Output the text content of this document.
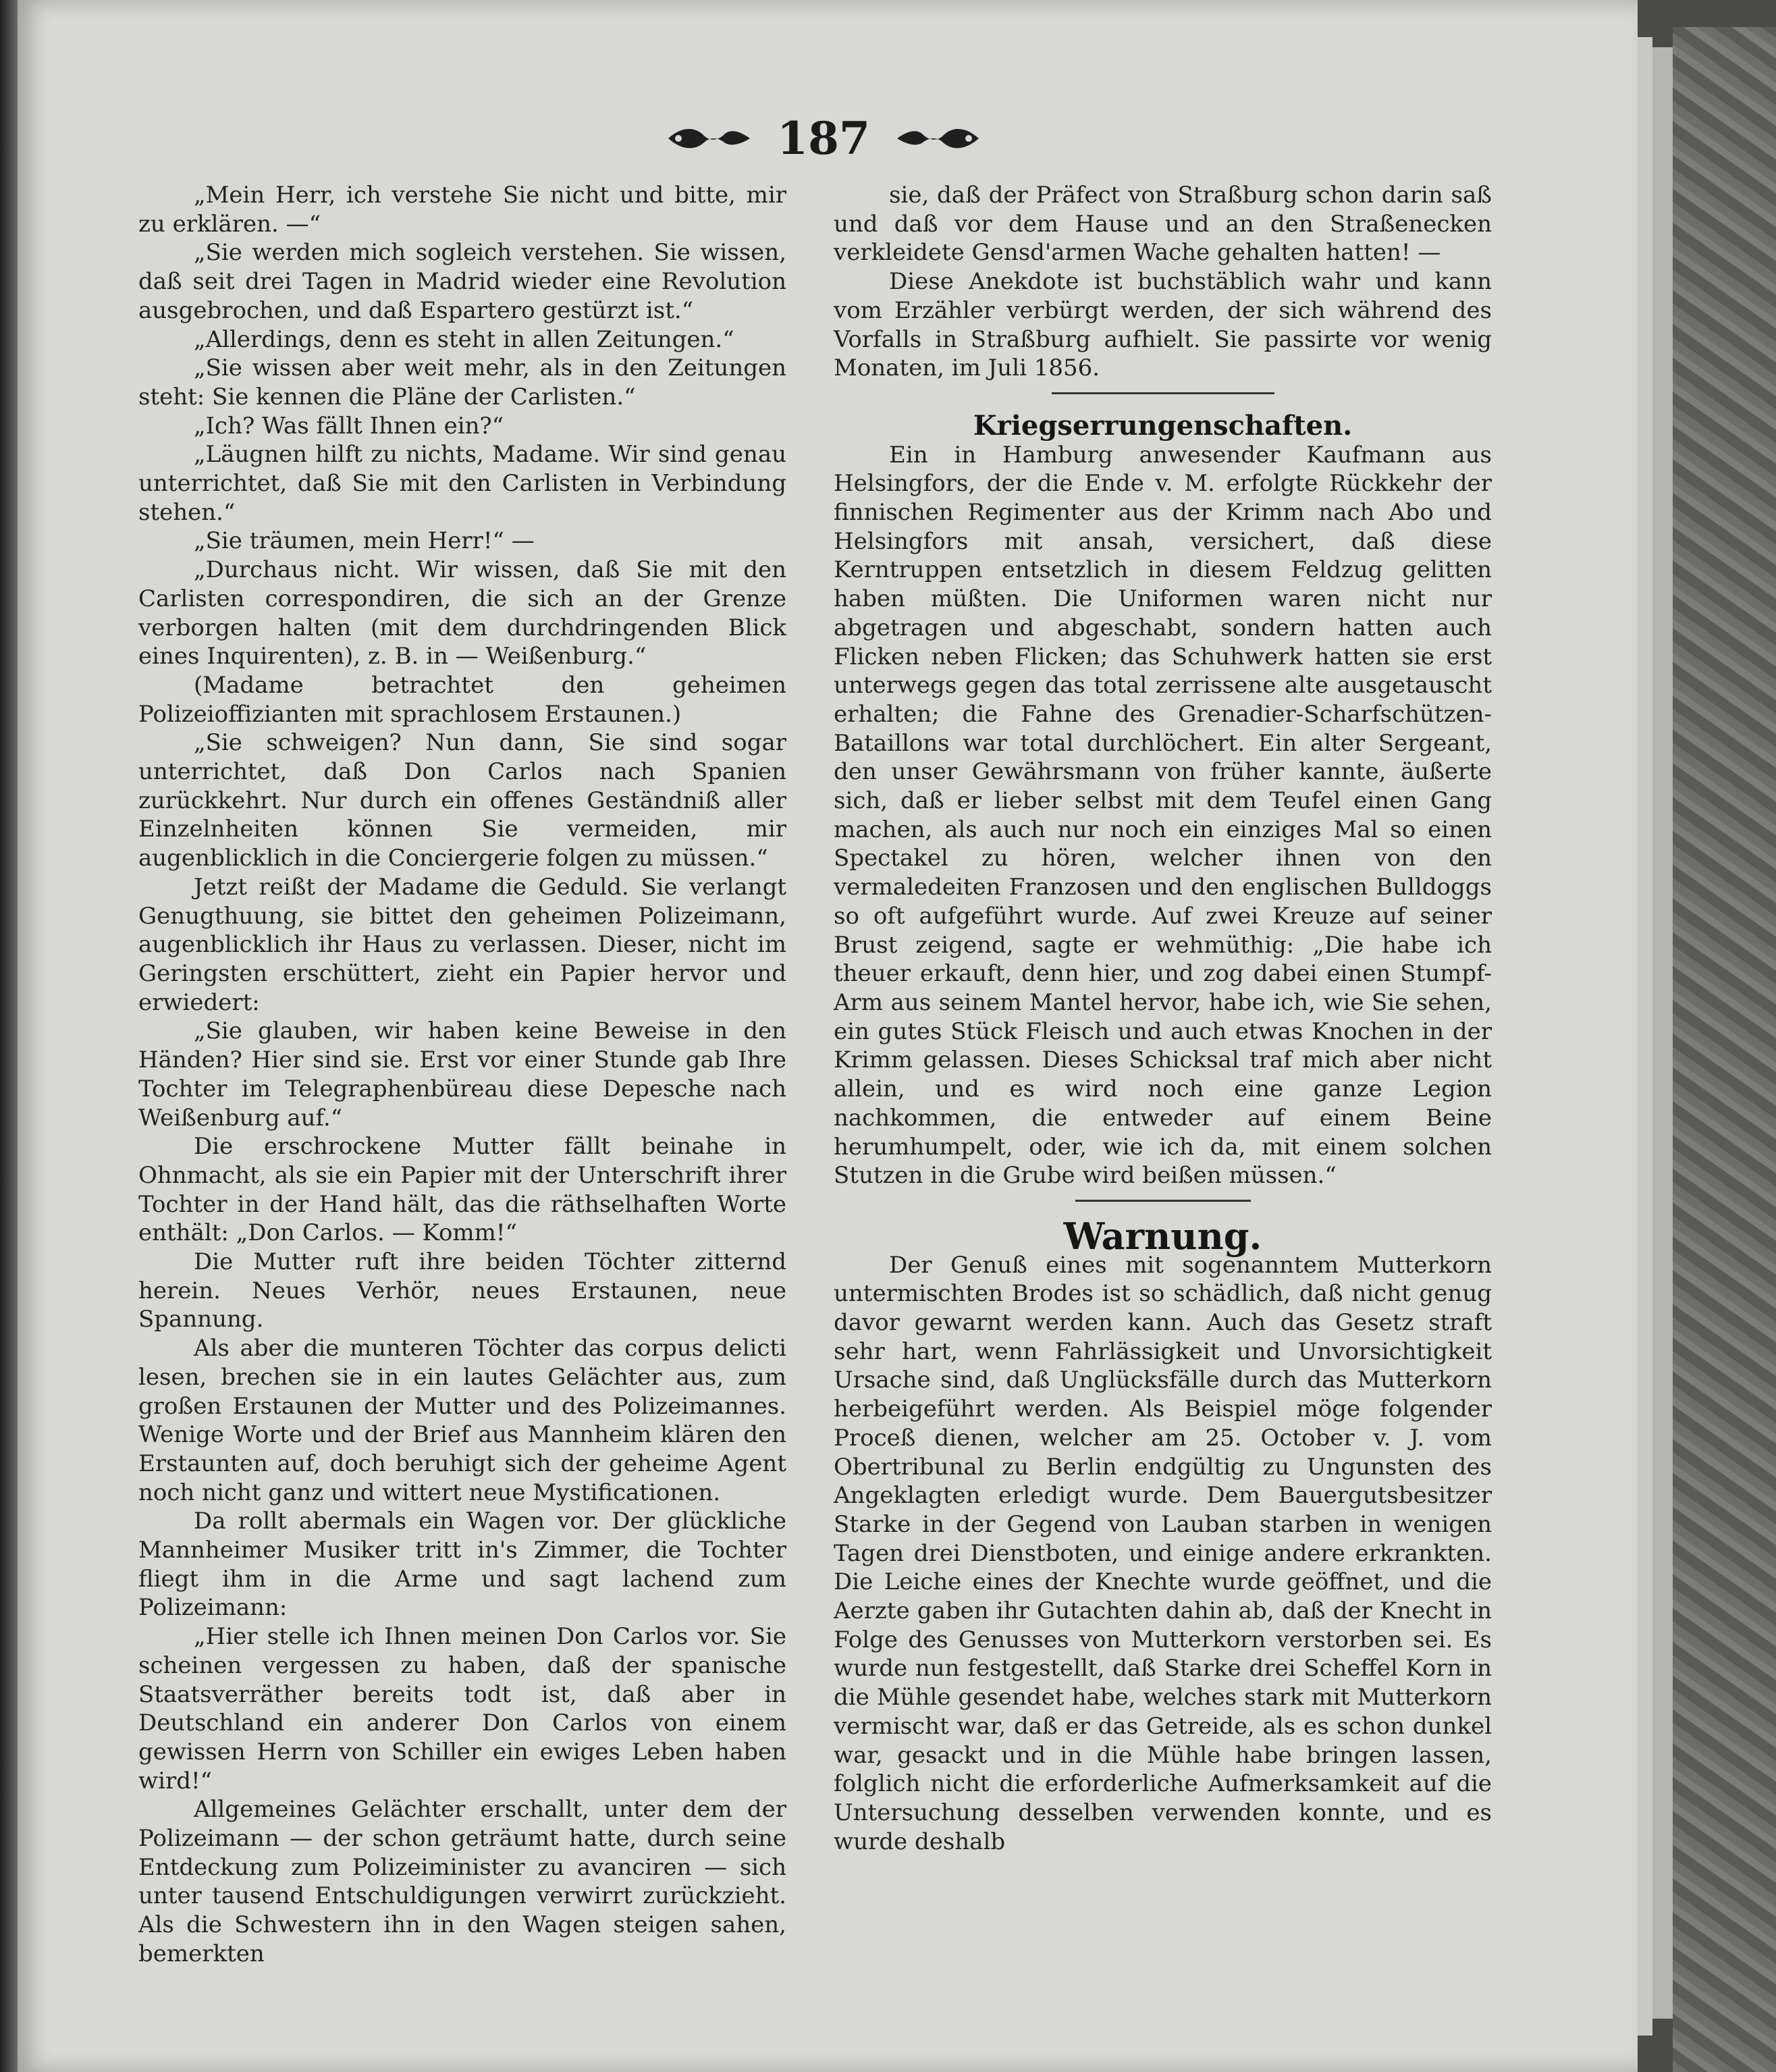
187

„Mein Herr, ich verstehe Sie nicht und bitte, mir zu erklären. —“

„Sie werden mich sogleich verstehen. Sie wissen, daß seit drei Tagen in Madrid wieder eine Revolution ausgebrochen, und daß Espartero gestürzt ist.“

„Allerdings, denn es steht in allen Zeitungen.“

„Sie wissen aber weit mehr, als in den Zeitungen steht: Sie kennen die Pläne der Carlisten.“

„Ich? Was fällt Ihnen ein?“

„Läugnen hilft zu nichts, Madame. Wir sind genau unterrichtet, daß Sie mit den Carlisten in Verbindung stehen.“

„Sie träumen, mein Herr!“ —

„Durchaus nicht. Wir wissen, daß Sie mit den Carlisten correspondiren, die sich an der Grenze verborgen halten (mit dem durchdringenden Blick eines Inquirenten), z. B. in — Weißenburg.“

(Madame betrachtet den geheimen Polizeioffizianten mit sprachlosem Erstaunen.)

„Sie schweigen? Nun dann, Sie sind sogar unterrichtet, daß Don Carlos nach Spanien zurückkehrt. Nur durch ein offenes Geständniß aller Einzelnheiten können Sie vermeiden, mir augenblicklich in die Conciergerie folgen zu müssen.“

Jetzt reißt der Madame die Geduld. Sie verlangt Genugthuung, sie bittet den geheimen Polizeimann, augenblicklich ihr Haus zu verlassen. Dieser, nicht im Geringsten erschüttert, zieht ein Papier hervor und erwiedert:

„Sie glauben, wir haben keine Beweise in den Händen? Hier sind sie. Erst vor einer Stunde gab Ihre Tochter im Telegraphenbüreau diese Depesche nach Weißenburg auf.“

Die erschrockene Mutter fällt beinahe in Ohnmacht, als sie ein Papier mit der Unterschrift ihrer Tochter in der Hand hält, das die räthselhaften Worte enthält: „Don Carlos. — Komm!“

Die Mutter ruft ihre beiden Töchter zitternd herein. Neues Verhör, neues Erstaunen, neue Spannung.

Als aber die munteren Töchter das corpus delicti lesen, brechen sie in ein lautes Gelächter aus, zum großen Erstaunen der Mutter und des Polizeimannes. Wenige Worte und der Brief aus Mannheim klären den Erstaunten auf, doch beruhigt sich der geheime Agent noch nicht ganz und wittert neue Mystificationen.

Da rollt abermals ein Wagen vor. Der glückliche Mannheimer Musiker tritt in's Zimmer, die Tochter fliegt ihm in die Arme und sagt lachend zum Polizeimann:

„Hier stelle ich Ihnen meinen Don Carlos vor. Sie scheinen vergessen zu haben, daß der spanische Staatsverräther bereits todt ist, daß aber in Deutschland ein anderer Don Carlos von einem gewissen Herrn von Schiller ein ewiges Leben haben wird!“

Allgemeines Gelächter erschallt, unter dem der Polizeimann — der schon geträumt hatte, durch seine Entdeckung zum Polizeiminister zu avanciren — sich unter tausend Entschuldigungen verwirrt zurückzieht. Als die Schwestern ihn in den Wagen steigen sahen, bemerkten

sie, daß der Präfect von Straßburg schon darin saß und daß vor dem Hause und an den Straßenecken verkleidete Gensd'armen Wache gehalten hatten! —

Diese Anekdote ist buchstäblich wahr und kann vom Erzähler verbürgt werden, der sich während des Vorfalls in Straßburg aufhielt. Sie passirte vor wenig Monaten, im Juli 1856.

Kriegserrungenschaften.

Ein in Hamburg anwesender Kaufmann aus Helsingfors, der die Ende v. M. erfolgte Rückkehr der finnischen Regimenter aus der Krimm nach Abo und Helsingfors mit ansah, versichert, daß diese Kerntruppen entsetzlich in diesem Feldzug gelitten haben müßten. Die Uniformen waren nicht nur abgetragen und abgeschabt, sondern hatten auch Flicken neben Flicken; das Schuhwerk hatten sie erst unterwegs gegen das total zerrissene alte ausgetauscht erhalten; die Fahne des Grenadier-Scharfschützen-Bataillons war total durchlöchert. Ein alter Sergeant, den unser Gewährsmann von früher kannte, äußerte sich, daß er lieber selbst mit dem Teufel einen Gang machen, als auch nur noch ein einziges Mal so einen Spectakel zu hören, welcher ihnen von den vermaledeiten Franzosen und den englischen Bulldoggs so oft aufgeführt wurde. Auf zwei Kreuze auf seiner Brust zeigend, sagte er wehmüthig: „Die habe ich theuer erkauft, denn hier, und zog dabei einen Stumpf-Arm aus seinem Mantel hervor, habe ich, wie Sie sehen, ein gutes Stück Fleisch und auch etwas Knochen in der Krimm gelassen. Dieses Schicksal traf mich aber nicht allein, und es wird noch eine ganze Legion nachkommen, die entweder auf einem Beine herumhumpelt, oder, wie ich da, mit einem solchen Stutzen in die Grube wird beißen müssen.“

Warnung.

Der Genuß eines mit sogenanntem Mutterkorn untermischten Brodes ist so schädlich, daß nicht genug davor gewarnt werden kann. Auch das Gesetz straft sehr hart, wenn Fahrlässigkeit und Unvorsichtigkeit Ursache sind, daß Unglücksfälle durch das Mutterkorn herbeigeführt werden. Als Beispiel möge folgender Proceß dienen, welcher am 25. October v. J. vom Obertribunal zu Berlin endgültig zu Ungunsten des Angeklagten erledigt wurde. Dem Bauergutsbesitzer Starke in der Gegend von Lauban starben in wenigen Tagen drei Dienstboten, und einige andere erkrankten. Die Leiche eines der Knechte wurde geöffnet, und die Aerzte gaben ihr Gutachten dahin ab, daß der Knecht in Folge des Genusses von Mutterkorn verstorben sei. Es wurde nun festgestellt, daß Starke drei Scheffel Korn in die Mühle gesendet habe, welches stark mit Mutterkorn vermischt war, daß er das Getreide, als es schon dunkel war, gesackt und in die Mühle habe bringen lassen, folglich nicht die erforderliche Aufmerksamkeit auf die Untersuchung desselben verwenden konnte, und es wurde deshalb
